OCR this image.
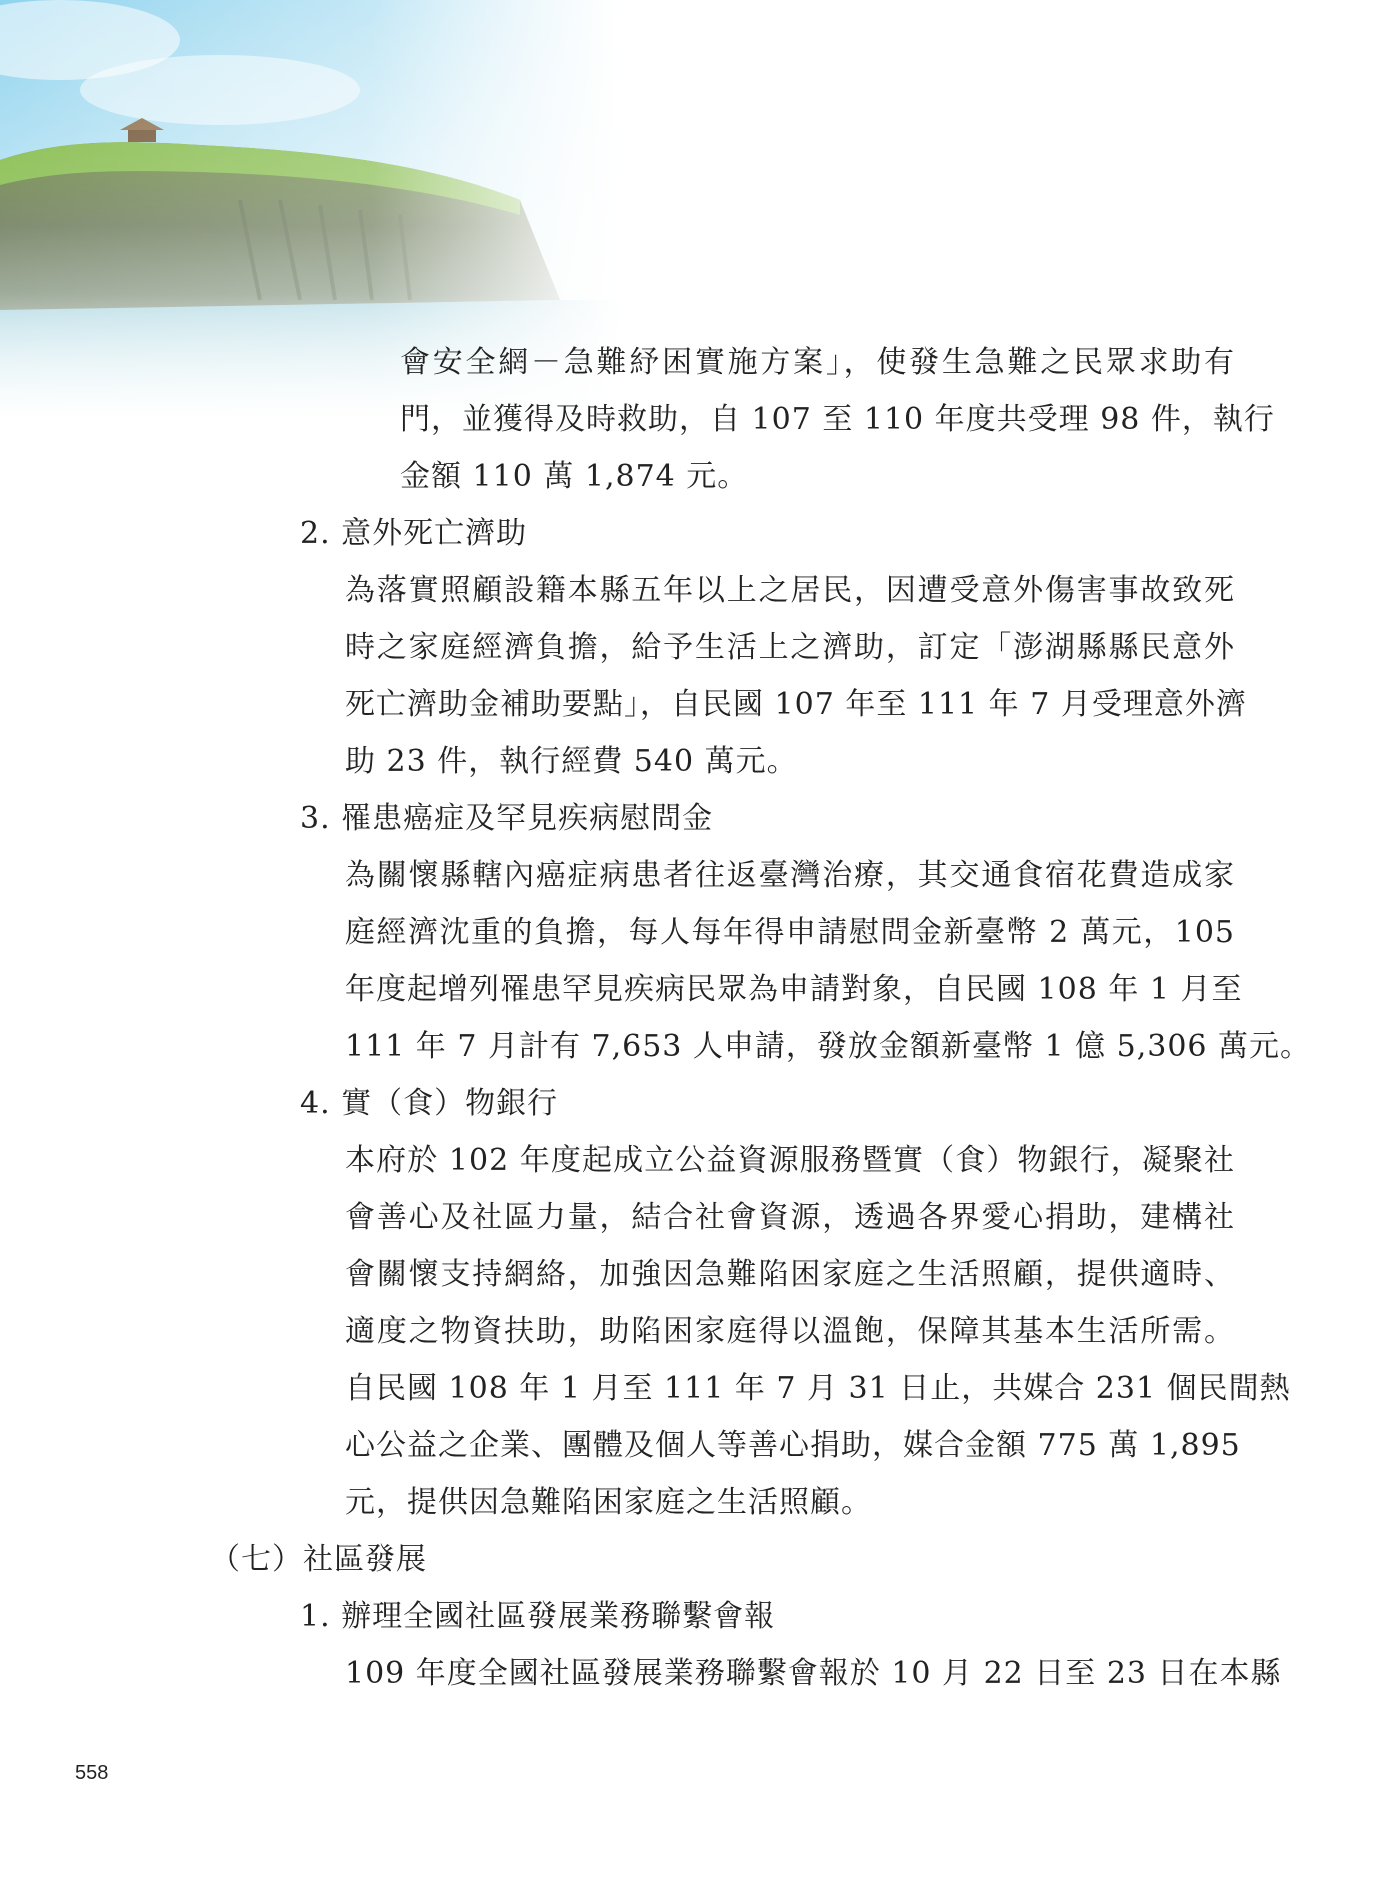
會安全網－急難紓困實施方案」，使發生急難之民眾求助有
門，並獲得及時救助，自 107 至 110 年度共受理 98 件，執行
金額 110 萬 1,874 元。
2. 意外死亡濟助
為落實照顧設籍本縣五年以上之居民，因遭受意外傷害事故致死
時之家庭經濟負擔，給予生活上之濟助，訂定「澎湖縣縣民意外
死亡濟助金補助要點」，自民國 107 年至 111 年 7 月受理意外濟
助 23 件，執行經費 540 萬元。
3. 罹患癌症及罕見疾病慰問金
為關懷縣轄內癌症病患者往返臺灣治療，其交通食宿花費造成家
庭經濟沈重的負擔，每人每年得申請慰問金新臺幣 2 萬元，105
年度起增列罹患罕見疾病民眾為申請對象，自民國 108 年 1 月至
111 年 7 月計有 7,653 人申請，發放金額新臺幣 1 億 5,306 萬元。
4. 實（食）物銀行
本府於 102 年度起成立公益資源服務暨實（食）物銀行，凝聚社
會善心及社區力量，結合社會資源，透過各界愛心捐助，建構社
會關懷支持網絡，加強因急難陷困家庭之生活照顧，提供適時、
適度之物資扶助，助陷困家庭得以溫飽，保障其基本生活所需。
自民國 108 年 1 月至 111 年 7 月 31 日止，共媒合 231 個民間熱
心公益之企業、團體及個人等善心捐助，媒合金額 775 萬 1,895
元，提供因急難陷困家庭之生活照顧。
（七）社區發展
1. 辦理全國社區發展業務聯繫會報
109 年度全國社區發展業務聯繫會報於 10 月 22 日至 23 日在本縣
558
